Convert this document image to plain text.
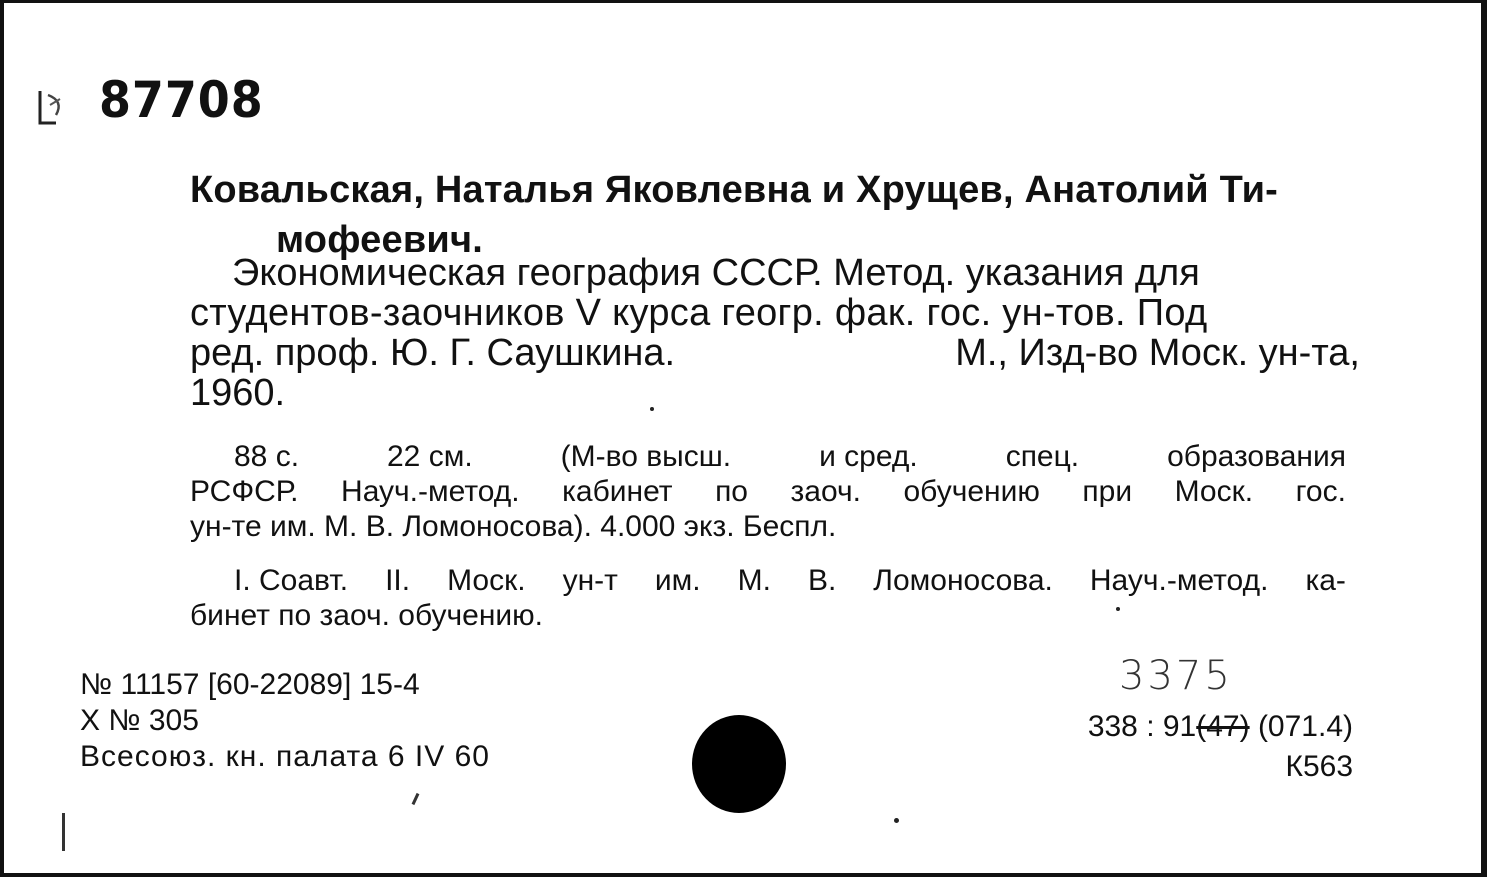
87708
Ковальская, Наталья Яковлевна и Хрущев, Анатолий Ти-
мофеевич.
Экономическая география СССР. Метод. указания для
студентов-заочников V курса геогр. фак. гос. ун-тов. Под
ред. проф. Ю. Г. Саушкина.	М., Изд-во Моск. ун-та,
1960.
88 с.	22 см.	(М-во высш.	и сред.	спец.	образования
РСФСР. Науч.-метод. кабинет по заоч. обучению при Моск. гос.
ун-те им. М. В. Ломоносова). 4.000 экз. Беспл.
I. Соавт. II. Моск. ун-т им. М. В. Ломоносова. Науч.-метод. ка-
бинет по заоч. обучению.
№ 11157 [60-22089] 15-4
Х № 305
Всесоюз. кн. палата 6 IV 60
3375
338 : 91(47) (071.4)
К563
